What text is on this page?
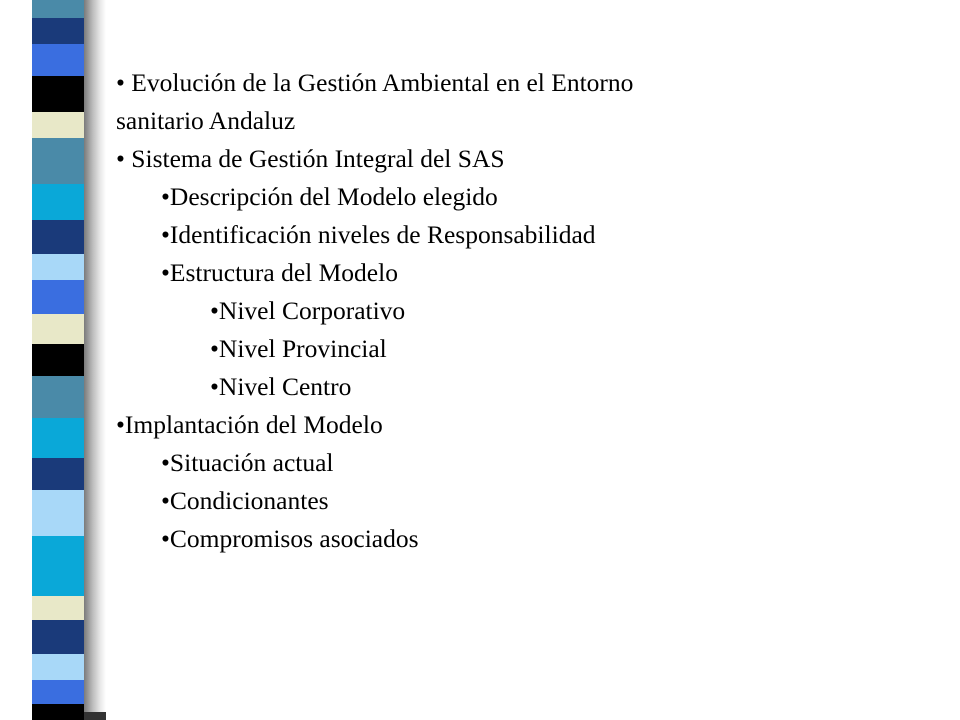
• Evolución de la Gestión Ambiental en el Entorno
sanitario Andaluz
• Sistema de Gestión Integral del SAS
•Descripción del Modelo elegido
•Identificación niveles de Responsabilidad
•Estructura del Modelo
•Nivel Corporativo
•Nivel Provincial
•Nivel Centro
•Implantación del Modelo
•Situación actual
•Condicionantes
•Compromisos asociados
